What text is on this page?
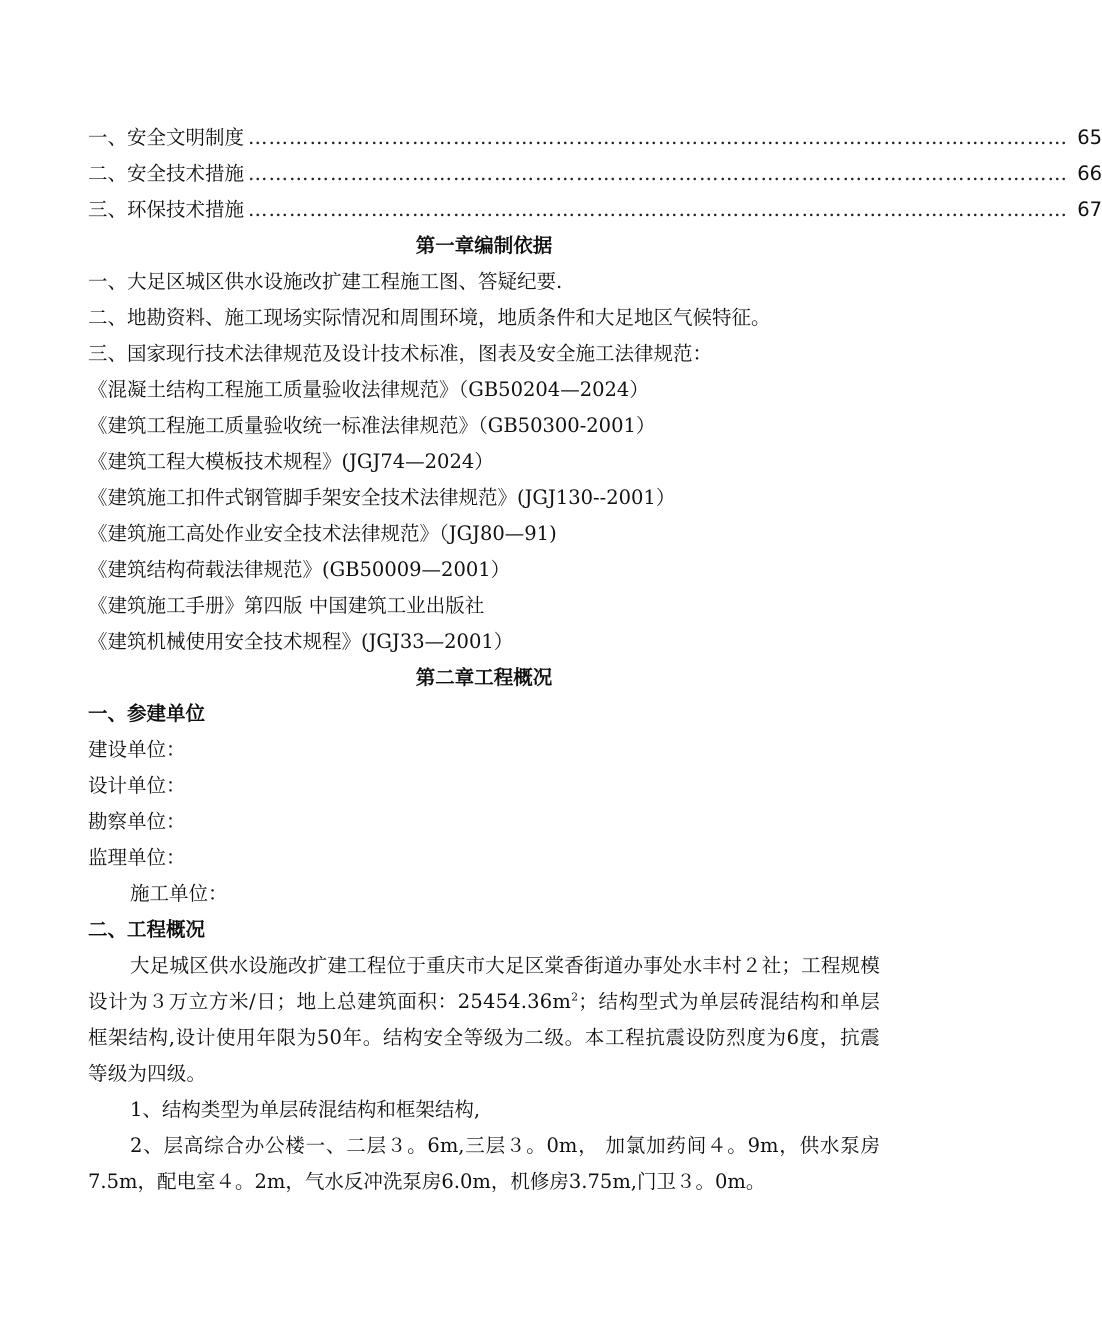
一、安全文明制度 ………………………………………………………………………………………………………… 65
二、安全技术措施 ………………………………………………………………………………………………………… 66
三、环保技术措施 ………………………………………………………………………………………………………… 67
第一章编制依据
一、大足区城区供水设施改扩建工程施工图、答疑纪要.
二、地勘资料、施工现场实际情况和周围环境，地质条件和大足地区气候特征。
三、国家现行技术法律规范及设计技术标准，图表及安全施工法律规范：
《混凝土结构工程施工质量验收法律规范》（GB50204—2024）
《建筑工程施工质量验收统一标准法律规范》（GB50300-2001）
《建筑工程大模板技术规程》(JGJ74—2024）
《建筑施工扣件式钢管脚手架安全技术法律规范》(JGJ130--2001）
《建筑施工高处作业安全技术法律规范》（JGJ80—91)
《建筑结构荷载法律规范》(GB50009—2001）
《建筑施工手册》第四版 中国建筑工业出版社
《建筑机械使用安全技术规程》(JGJ33—2001）
第二章工程概况
一、参建单位
建设单位：
设计单位：
勘察单位：
监理单位：
施工单位：
二、工程概况
大足城区供水设施改扩建工程位于重庆市大足区棠香街道办事处水丰村２社；工程规模设计为３万立方米/日；地上总建筑面积：$25454.36m^2$；结构型式为单层砖混结构和单层框架结构,设计使用年限为50年。结构安全等级为二级。本工程抗震设防烈度为6度，抗震等级为四级。
1、结构类型为单层砖混结构和框架结构,
2、层高综合办公楼一、二层３。6m,三层３。0m， 加氯加药间４。9m，供水泵房7.5m，配电室４。2m，气水反冲洗泵房6.0m，机修房3.75m,门卫３。0m。
